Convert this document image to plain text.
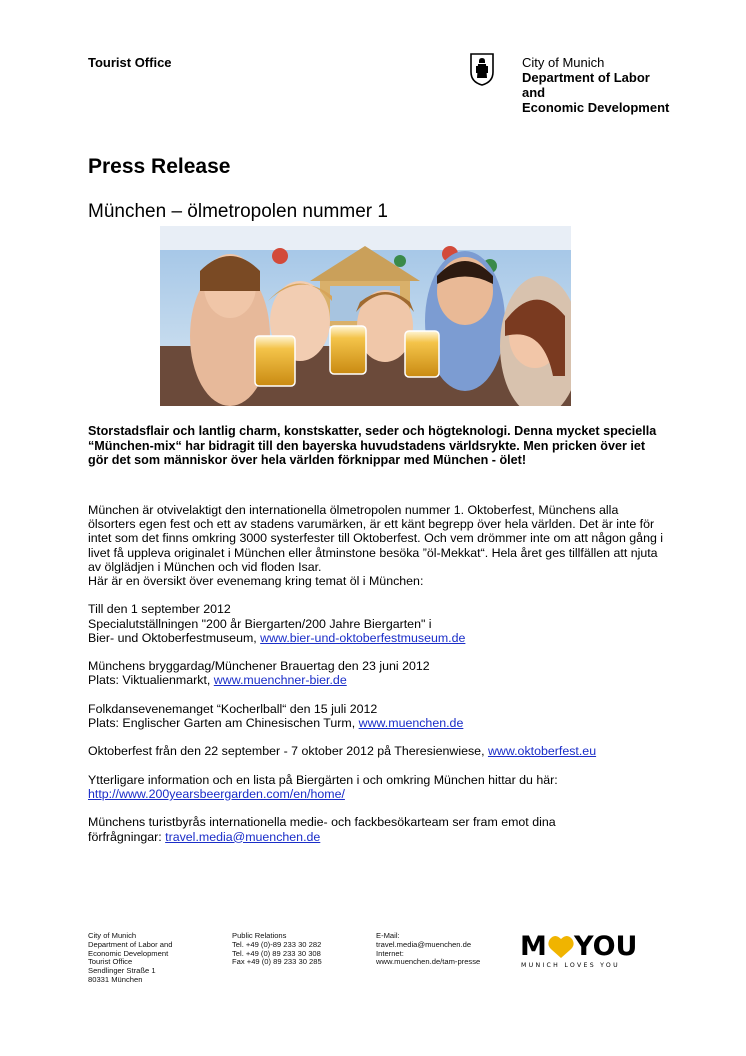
Tourist Office	City of Munich
Department of Labor
and
Economic Development
Press Release
München – ölmetropolen nummer 1
Storstadsflair och lantlig charm, konstskatter, seder och högteknologi. Denna mycket speciella “München-mix“ har bidragit till den bayerska huvudstadens världsrykte. Men pricken över iet gör det som människor över hela världen förknippar med München - ölet!
München är otvivelaktigt den internationella ölmetropolen nummer 1. Oktoberfest, Münchens alla ölsorters egen fest och ett av stadens varumärken, är ett känt begrepp över hela världen. Det är inte för intet som det finns omkring 3000 systerfester till Oktoberfest. Och vem drömmer inte om att någon gång i livet få uppleva originalet i München eller åtminstone besöka ”öl-Mekkat“. Hela året ges tillfällen att njuta av ölglädjen i München och vid floden Isar.

Här är en översikt över evenemang kring temat öl i München:

Till den 1 september 2012
Specialutställningen "200 år Biergarten/200 Jahre Biergarten" i
Bier- und Oktoberfestmuseum, www.bier-und-oktoberfestmuseum.de

Münchens bryggardag/Münchener Brauertag den 23 juni 2012
Plats: Viktualienmarkt, www.muenchner-bier.de

Folkdansevenemanget “Kocherlball“ den 15 juli 2012
Plats: Englischer Garten am Chinesischen Turm, www.muenchen.de

Oktoberfest från den 22 september - 7 oktober 2012 på Theresienwiese, www.oktoberfest.eu

Ytterligare information och en lista på Biergärten i och omkring München hittar du här:
http://www.200yearsbeergarden.com/en/home/

Münchens turistbyrås internationella medie- och fackbesökarteam ser fram emot dina
förfrågningar: travel.media@muenchen.de

City of Munich
Department of Labor and
Economic Development
Tourist Office
Sendlinger Straße 1
80331 München
Public Relations
Tel. +49 (0)-89 233 30 282
Tel. +49 (0) 89 233 30 308
Fax +49 (0) 89 233 30 285
E-Mail:
travel.media@muenchen.de
Internet:
www.muenchen.de/tam-presse M YOU
MUNICH LOVES YOU
